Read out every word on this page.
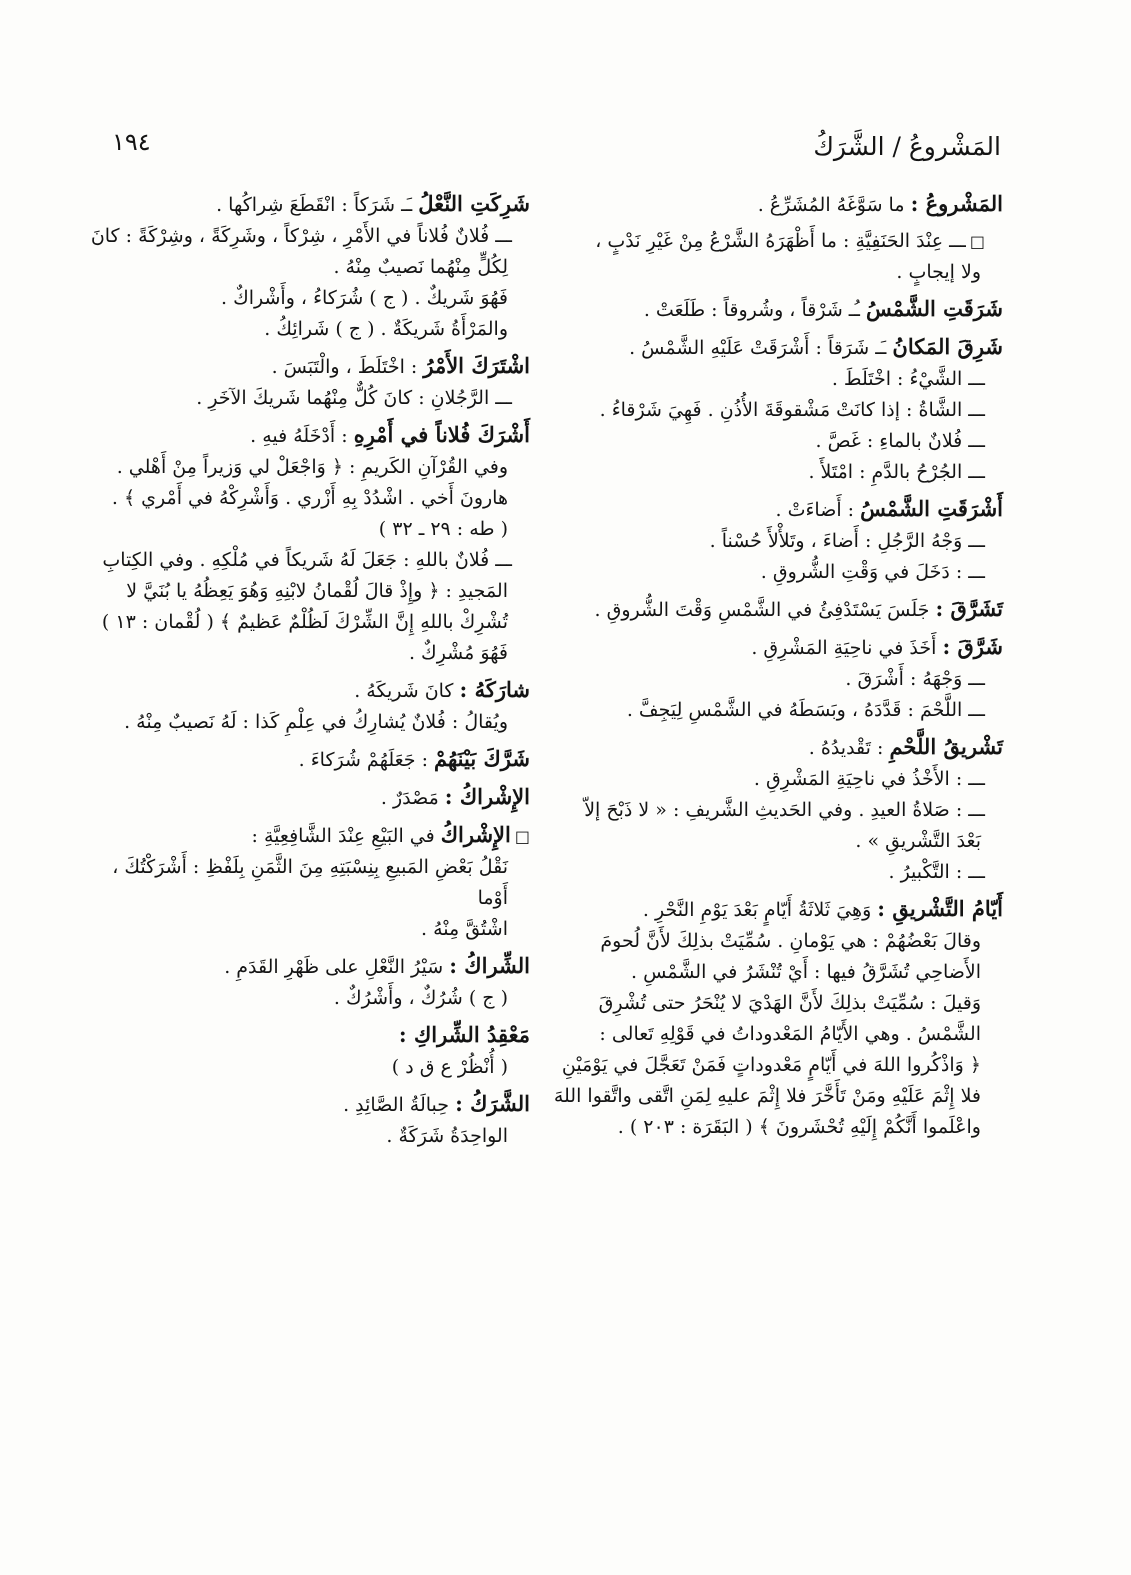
المَشْروعُ / الشَّرَكُ
١٩٤

المَشْروعُ : ما سَوَّغَهُ المُشَرِّعُ .

□ـــ عِنْدَ الحَنَفِيَّةِ : ما أَظْهَرَهُ الشَّرْعُ مِنْ غَيْرِ نَدْبٍ ،

ولا إيجابٍ .

شَرَقَتِ الشَّمْسُ ـُـ شَرْقاً ، وشُروقاً : طَلَعَتْ .

شَرِقَ المَكانُ ـَـ شَرَقاً : أَشْرَقَتْ عَلَيْهِ الشَّمْسُ .

ـــ الشَّيْءُ : اخْتَلَطَ .

ـــ الشَّاةُ : إذا كانَتْ مَشْقوقَةَ الأُذُنِ . فَهِيَ شَرْقاءُ .

ـــ فُلانٌ بالماءِ : غَصَّ .

ـــ الجُرْحُ بالدَّمِ : امْتَلأَ .

أَشْرَقَتِ الشَّمْسُ : أَضاءَتْ .

ـــ وَجْهُ الرَّجُلِ : أَضاءَ ، وتَلأْلأَ حُسْناً .

ـــ : دَخَلَ في وَقْتِ الشُّروقِ .

تَشَرَّقَ : جَلَسَ يَسْتَدْفِئُ في الشَّمْسِ وَقْتَ الشُّروقِ .

شَرَّقَ : أَخَذَ في ناحِيَةِ المَشْرِقِ .

ـــ وَجْهَهُ : أَشْرَقَ .

ـــ اللَّحْمَ : قَدَّدَهُ ، وبَسَطَهُ في الشَّمْسِ لِيَجِفَّ .

تَشْريقُ اللَّحْمِ : تَقْديدُهُ .

ـــ : الأَخْذُ في ناحِيَةِ المَشْرِقِ .

ـــ : صَلاةُ العيدِ . وفي الحَديثِ الشَّريفِ : « لا ذَبْحَ إلاّ

بَعْدَ التَّشْريقِ » .

ـــ : التَّكْبيرُ .

أَيّامُ التَّشْريقِ : وَهِيَ ثَلاثَةُ أَيّامٍ بَعْدَ يَوْمِ النَّحْرِ .

وقالَ بَعْضُهُمْ : هي يَوْمانِ . سُمِّيَتْ بذلِكَ لأَنَّ لُحومَ

الأَضاحِي تُشَرَّقُ فيها : أَيْ تُنْشَرُ في الشَّمْسِ .

وَقيلَ : سُمِّيَتْ بذلِكَ لأَنَّ الهَدْيَ لا يُنْحَرُ حتى تُشْرِقَ

الشَّمْسُ . وهي الأَيّامُ المَعْدوداتُ في قَوْلِهِ تَعالى :

﴿ وَاذْكُروا اللهَ في أَيّامٍ مَعْدوداتٍ فَمَنْ تَعَجَّلَ في يَوْمَيْنِ

فلا إِثْمَ عَلَيْهِ ومَنْ تَأَخَّرَ فلا إِثْمَ عليهِ لِمَنِ اتَّقى واتَّقوا اللهَ

واعْلَموا أَنَّكُمْ إِلَيْهِ تُحْشَرونَ ﴾ ( البَقَرَة : ٢٠٣ ) .

شَرِكَتِ النَّعْلُ ـَـ شَرَكاً : انْقَطَعَ شِراكُها .

ـــ فُلانٌ فُلاناً في الأَمْرِ ، شِرْكاً ، وشَرِكَةً ، وشِرْكَةً : كانَ

لِكُلٍّ مِنْهُما نَصيبٌ مِنْهُ .

فَهُوَ شَريكٌ . ( ج ) شُرَكاءُ ، وأَشْراكٌ .

والمَرْأَةُ شَريكَةٌ . ( ج ) شَرائِكُ .

اشْتَرَكَ الأَمْرُ : اخْتَلَطَ ، والْتَبَسَ .

ـــ الرَّجُلانِ : كانَ كُلٌّ مِنْهُما شَريكَ الآخَرِ .

أَشْرَكَ فُلاناً في أَمْرِهِ : أَدْخَلَهُ فيهِ .

وفي القُرْآنِ الكَريمِ : ﴿ وَاجْعَلْ لي وَزيراً مِنْ أَهْلي .

هارونَ أَخي . اشْدُدْ بِهِ أَزْري . وَأَشْرِكْهُ في أَمْري ﴾ .

( طه : ٢٩ ـ ٣٢ )

ـــ فُلانٌ باللهِ : جَعَلَ لَهُ شَريكاً في مُلْكِهِ . وفي الكِتابِ

المَجيدِ : ﴿ وإِذْ قالَ لُقْمانُ لابْنِهِ وَهُوَ يَعِظُهُ يا بُنَيَّ لا

تُشْرِكْ باللهِ إِنَّ الشِّرْكَ لَظُلْمٌ عَظيمٌ ﴾ ( لُقْمان : ١٣ )

فَهُوَ مُشْرِكٌ .

شارَكَهُ : كانَ شَريكَهُ .

ويُقالُ : فُلانٌ يُشارِكُ في عِلْمِ كَذا : لَهُ نَصيبٌ مِنْهُ .

شَرَّكَ بَيْنَهُمْ : جَعَلَهُمْ شُرَكاءَ .

الإِشْراكُ : مَصْدَرٌ .

□الإِشْراكُ في البَيْعِ عِنْدَ الشَّافِعِيَّةِ :

نَقْلُ بَعْضِ المَبيعِ بِنِسْبَتِهِ مِنَ الثَّمَنِ بِلَفْظِ : أَشْرَكْتُكَ ، أَوْما

اشْتُقَّ مِنْهُ .

الشِّراكُ : سَيْرُ النَّعْلِ على ظَهْرِ القَدَمِ .

( ج ) شُرُكٌ ، وأَشْرُكٌ .

مَعْقِدُ الشِّراكِ :

( أُنْظُرْ ع ق د )

الشَّرَكُ : حِبالَةُ الصَّائِدِ .

الواحِدَةُ شَرَكَةٌ .
